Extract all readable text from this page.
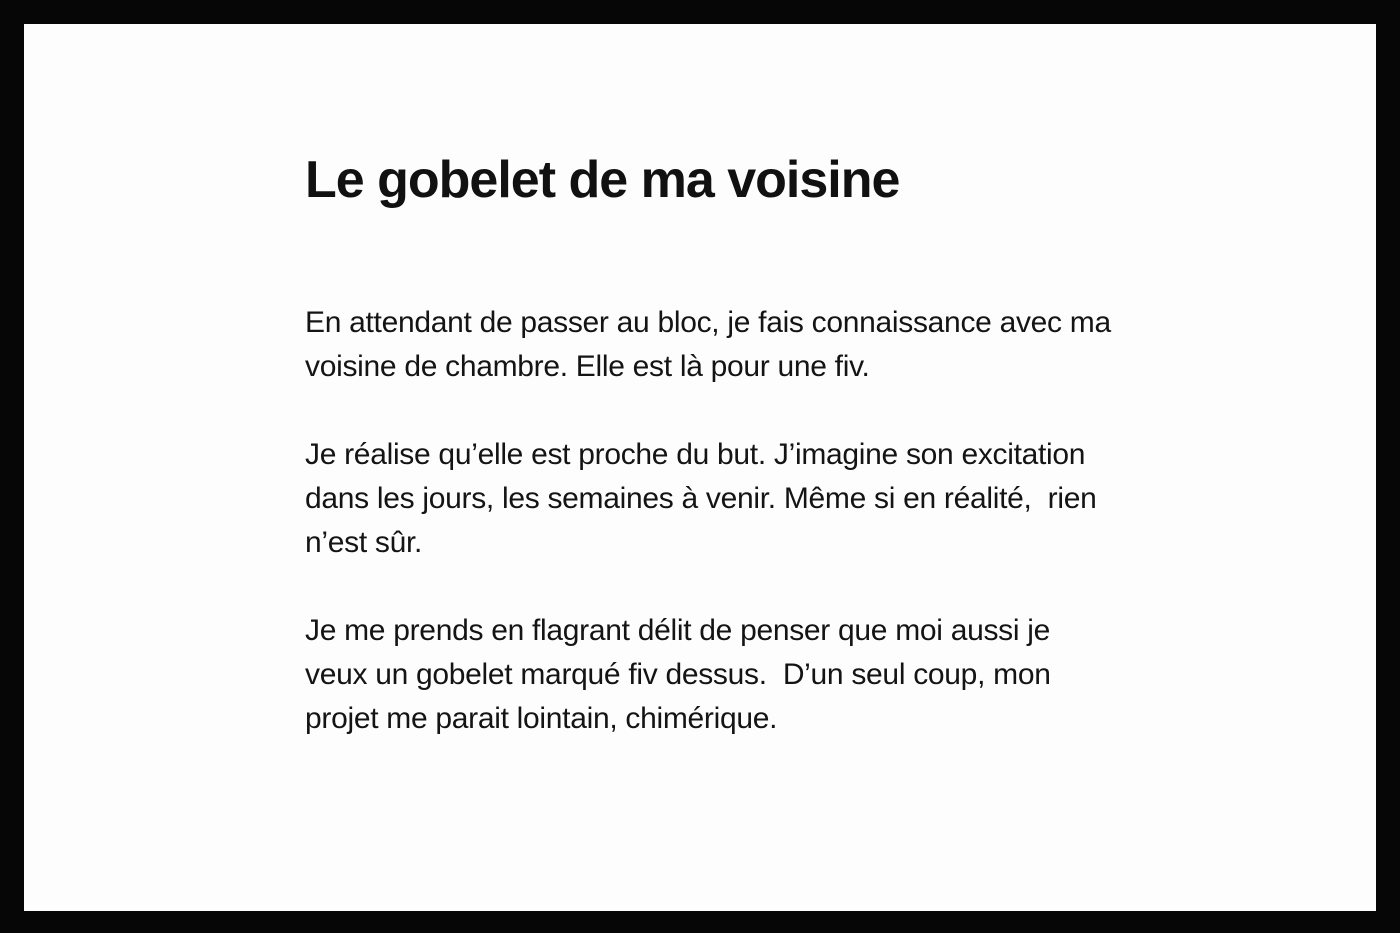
Le gobelet de ma voisine
En attendant de passer au bloc, je fais connaissance avec ma
voisine de chambre. Elle est là pour une fiv.
Je réalise qu’elle est proche du but. J’imagine son excitation
dans les jours, les semaines à venir. Même si en réalité,  rien
n’est sûr.
Je me prends en flagrant délit de penser que moi aussi je
veux un gobelet marqué fiv dessus.  D’un seul coup, mon
projet me parait lointain, chimérique.
